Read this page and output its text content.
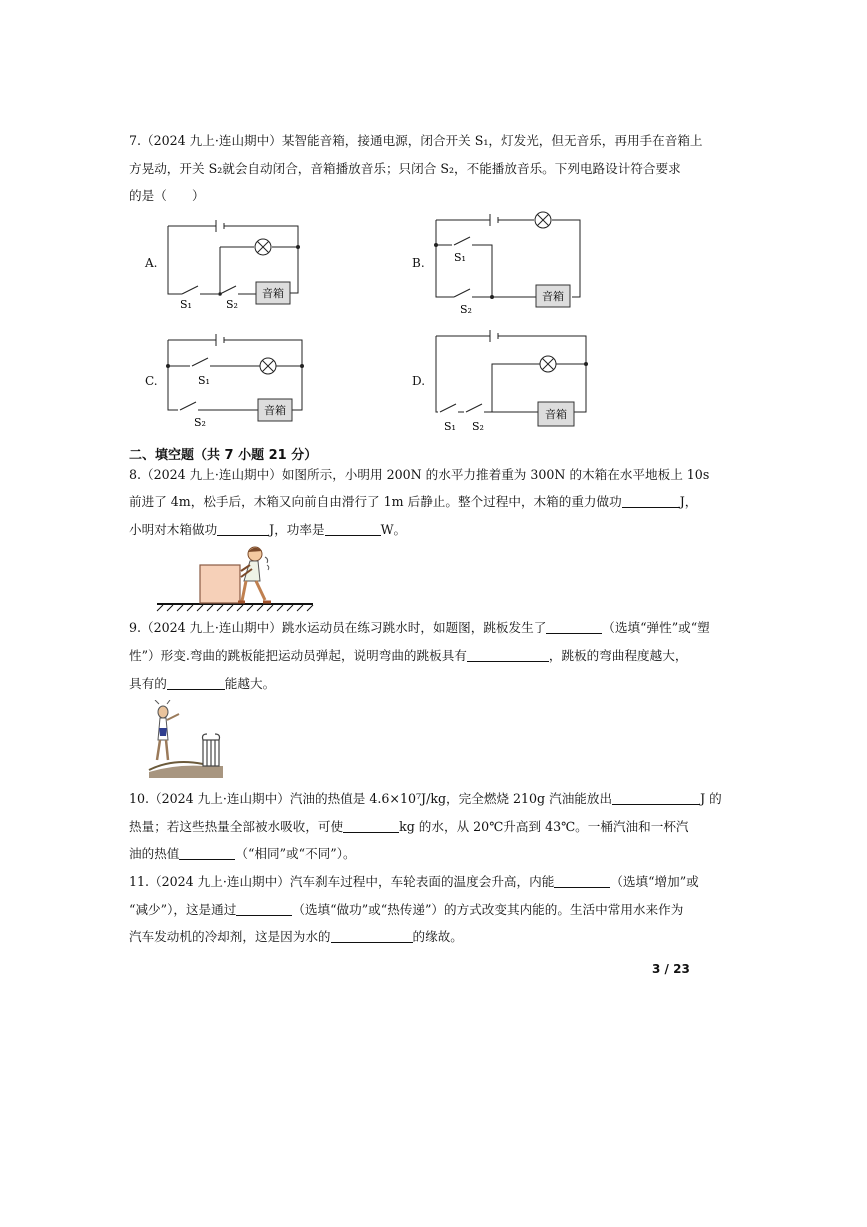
7.（2024 九上·连山期中）某智能音箱，接通电源，闭合开关 S₁，灯发光，但无音乐，再用手在音箱上
方晃动，开关 S₂就会自动闭合，音箱播放音乐；只闭合 S₂，不能播放音乐。下列电路设计符合要求
的是（　　）
A.
S₁	S₂
音箱
B.	S₁
S₂
音箱
C.	S₁
S₂
音箱
D.
S₁ S₂
音箱
二、填空题（共 7 小题 21 分）
8.（2024 九上·连山期中）如图所示，小明用 200N 的水平力推着重为 300N 的木箱在水平地板上 10s
前进了 4m，松手后，木箱又向前自由滑行了 1m 后静止。整个过程中，木箱的重力做功	J，
小明对木箱做功	J，功率是	W。
9.（2024 九上·连山期中）跳水运动员在练习跳水时，如题图，跳板发生了	（选填“弹性”或“塑
性”）形变.弯曲的跳板能把运动员弹起，说明弯曲的跳板具有	，跳板的弯曲程度越大，
具有的	能越大。
10.（2024 九上·连山期中）汽油的热值是 4.6×10⁷J/kg，完全燃烧 210g 汽油能放出	J 的
热量；若这些热量全部被水吸收，可使	kg 的水，从 20℃升高到 43℃。一桶汽油和一杯汽
油的热值	（“相同”或“不同”）。
11.（2024 九上·连山期中）汽车刹车过程中，车轮表面的温度会升高，内能	（选填“增加”或
“减少”），这是通过	（选填“做功”或“热传递”）的方式改变其内能的。生活中常用水来作为
汽车发动机的冷却剂，这是因为水的	的缘故。
3 / 23
